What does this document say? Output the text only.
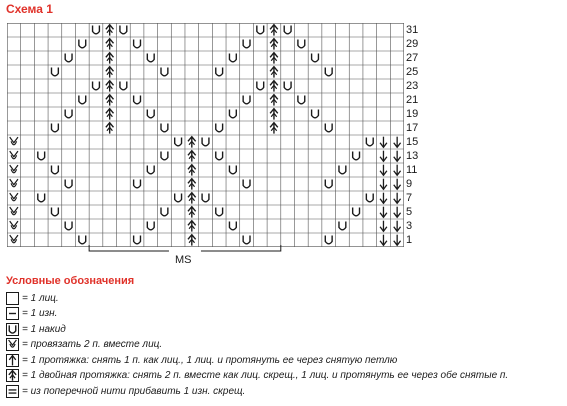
Схема 1
31
29
27
25
23
21
19
17
15
13
11
9
7
5
3
1
MS
Условные обозначения
= 1 лиц.
= 1 изн.
= 1 накид
= провязать 2 п. вместе лиц.
= 1 протяжка: снять 1 п. как лиц., 1 лиц. и протянуть ее через снятую петлю
= 1 двойная протяжка: снять 2 п. вместе как лиц. скрещ., 1 лиц. и протянуть ее через обе снятые п.
= из поперечной нити прибавить 1 изн. скрещ.
